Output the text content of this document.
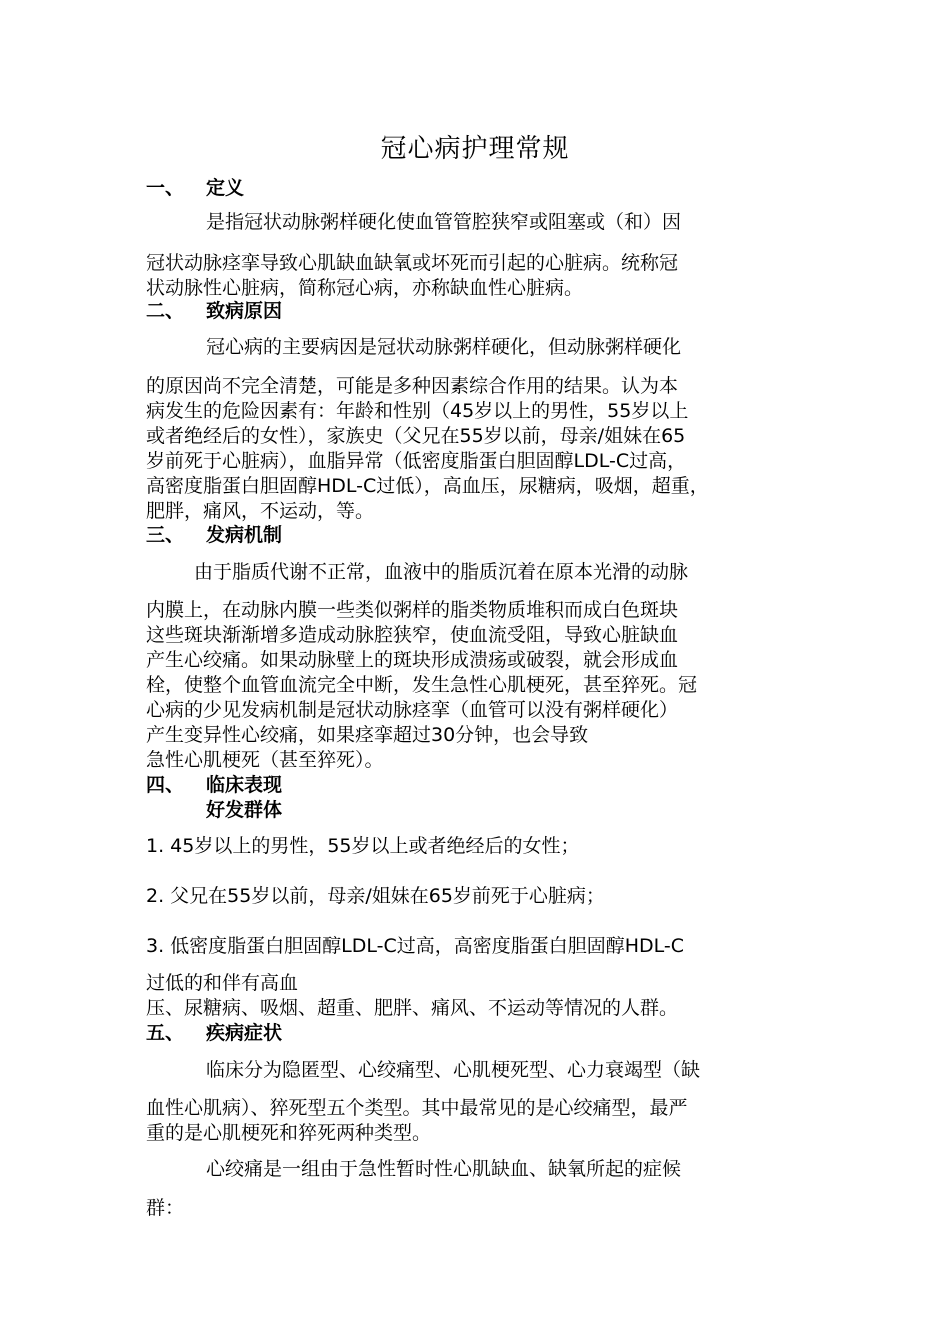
冠心病护理常规
一、 定义
是指冠状动脉粥样硬化使血管管腔狭窄或阻塞或（和）因
冠状动脉痉挛导致心肌缺血缺氧或坏死而引起的心脏病。统称冠
状动脉性心脏病，简称冠心病，亦称缺血性心脏病。
二、 致病原因
冠心病的主要病因是冠状动脉粥样硬化，但动脉粥样硬化
的原因尚不完全清楚，可能是多种因素综合作用的结果。认为本
病发生的危险因素有：年龄和性别（45岁以上的男性，55岁以上
或者绝经后的女性），家族史（父兄在55岁以前，母亲/姐妹在65
岁前死于心脏病），血脂异常（低密度脂蛋白胆固醇LDL-C过高，
高密度脂蛋白胆固醇HDL-C过低），高血压，尿糖病，吸烟，超重，
肥胖，痛风，不运动，等。
三、 发病机制
由于脂质代谢不正常，血液中的脂质沉着在原本光滑的动脉
内膜上，在动脉内膜一些类似粥样的脂类物质堆积而成白色斑块
这些斑块渐渐增多造成动脉腔狭窄，使血流受阻，导致心脏缺血
产生心绞痛。如果动脉壁上的斑块形成溃疡或破裂，就会形成血
栓，使整个血管血流完全中断，发生急性心肌梗死，甚至猝死。冠
心病的少见发病机制是冠状动脉痉挛（血管可以没有粥样硬化）
产生变异性心绞痛，如果痉挛超过30分钟，也会导致
急性心肌梗死（甚至猝死）。
四、 临床表现
好发群体
1. 45岁以上的男性，55岁以上或者绝经后的女性；
2. 父兄在55岁以前，母亲/姐妹在65岁前死于心脏病；
3. 低密度脂蛋白胆固醇LDL-C过高，高密度脂蛋白胆固醇HDL-C
过低的和伴有高血
压、尿糖病、吸烟、超重、肥胖、痛风、不运动等情况的人群。
五、 疾病症状
临床分为隐匿型、心绞痛型、心肌梗死型、心力衰竭型（缺
血性心肌病）、猝死型五个类型。其中最常见的是心绞痛型，最严
重的是心肌梗死和猝死两种类型。
心绞痛是一组由于急性暂时性心肌缺血、缺氧所起的症候
群：
